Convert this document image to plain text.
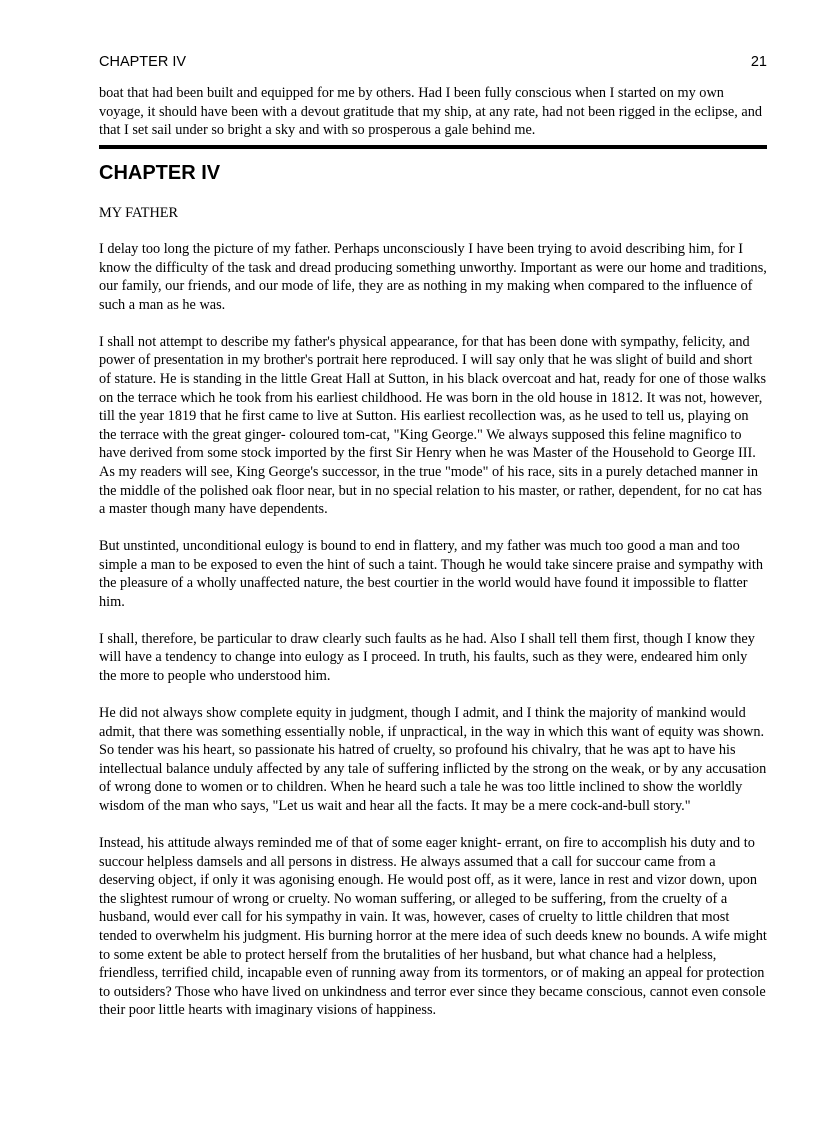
CHAPTER IV	21

boat that had been built and equipped for me by others. Had I been fully conscious when I started on my own voyage, it should have been with a devout gratitude that my ship, at any rate, had not been rigged in the eclipse, and that I set sail under so bright a sky and with so prosperous a gale behind me.

CHAPTER IV

MY FATHER

I delay too long the picture of my father. Perhaps unconsciously I have been trying to avoid describing him, for I know the difficulty of the task and dread producing something unworthy. Important as were our home and traditions, our family, our friends, and our mode of life, they are as nothing in my making when compared to the influence of such a man as he was.

I shall not attempt to describe my father's physical appearance, for that has been done with sympathy, felicity, and power of presentation in my brother's portrait here reproduced. I will say only that he was slight of build and short of stature. He is standing in the little Great Hall at Sutton, in his black overcoat and hat, ready for one of those walks on the terrace which he took from his earliest childhood. He was born in the old house in 1812. It was not, however, till the year 1819 that he first came to live at Sutton. His earliest recollection was, as he used to tell us, playing on the terrace with the great ginger- coloured tom-cat, "King George." We always supposed this feline magnifico to have derived from some stock imported by the first Sir Henry when he was Master of the Household to George III. As my readers will see, King George's successor, in the true "mode" of his race, sits in a purely detached manner in the middle of the polished oak floor near, but in no special relation to his master, or rather, dependent, for no cat has a master though many have dependents.

But unstinted, unconditional eulogy is bound to end in flattery, and my father was much too good a man and too simple a man to be exposed to even the hint of such a taint. Though he would take sincere praise and sympathy with the pleasure of a wholly unaffected nature, the best courtier in the world would have found it impossible to flatter him.

I shall, therefore, be particular to draw clearly such faults as he had. Also I shall tell them first, though I know they will have a tendency to change into eulogy as I proceed. In truth, his faults, such as they were, endeared him only the more to people who understood him.

He did not always show complete equity in judgment, though I admit, and I think the majority of mankind would admit, that there was something essentially noble, if unpractical, in the way in which this want of equity was shown. So tender was his heart, so passionate his hatred of cruelty, so profound his chivalry, that he was apt to have his intellectual balance unduly affected by any tale of suffering inflicted by the strong on the weak, or by any accusation of wrong done to women or to children. When he heard such a tale he was too little inclined to show the worldly wisdom of the man who says, "Let us wait and hear all the facts. It may be a mere cock-and-bull story."

Instead, his attitude always reminded me of that of some eager knight- errant, on fire to accomplish his duty and to succour helpless damsels and all persons in distress. He always assumed that a call for succour came from a deserving object, if only it was agonising enough. He would post off, as it were, lance in rest and vizor down, upon the slightest rumour of wrong or cruelty. No woman suffering, or alleged to be suffering, from the cruelty of a husband, would ever call for his sympathy in vain. It was, however, cases of cruelty to little children that most tended to overwhelm his judgment. His burning horror at the mere idea of such deeds knew no bounds. A wife might to some extent be able to protect herself from the brutalities of her husband, but what chance had a helpless, friendless, terrified child, incapable even of running away from its tormentors, or of making an appeal for protection to outsiders? Those who have lived on unkindness and terror ever since they became conscious, cannot even console their poor little hearts with imaginary visions of happiness.
